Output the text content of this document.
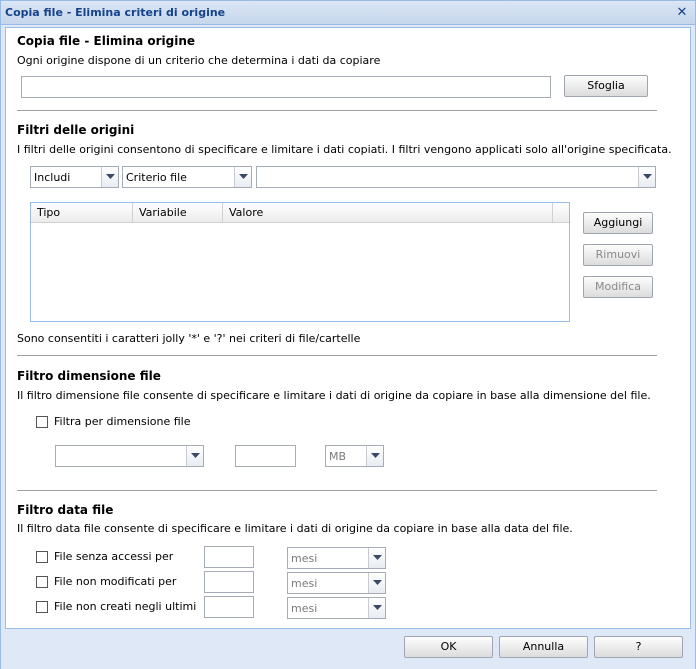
Copia file - Elimina criteri di origine	✕
Copia file - Elimina origine
Ogni origine dispone di un criterio che determina i dati da copiare
Sfoglia
Filtri delle origini
I filtri delle origini consentono di specificare e limitare i dati copiati. I filtri vengono applicati solo all'origine specificata.
Includi	Criterio file
Tipo	Variabile	Valore
Aggiungi
Rimuovi
Modifica
Sono consentiti i caratteri jolly '*' e '?' nei criteri di file/cartelle
Filtro dimensione file
Il filtro dimensione file consente di specificare e limitare i dati di origine da copiare in base alla dimensione del file.
Filtra per dimensione file
MB
Filtro data file
Il filtro data file consente di specificare e limitare i dati di origine da copiare in base alla data del file.
File senza accessi per	mesi
File non modificati per	mesi
File non creati negli ultimi	mesi
OK	Annulla	?
